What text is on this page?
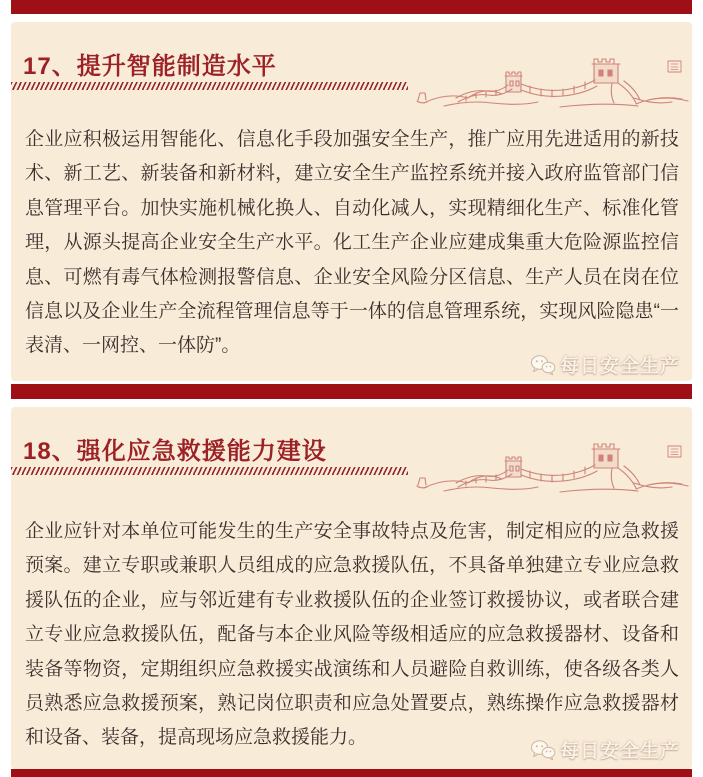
17、提升智能制造水平
企业应积极运用智能化、信息化手段加强安全生产，推广应用先进适用的新技术、新工艺、新装备和新材料，建立安全生产监控系统并接入政府监管部门信息管理平台。加快实施机械化换人、自动化减人，实现精细化生产、标准化管理，从源头提高企业安全生产水平。化工生产企业应建成集重大危险源监控信息、可燃有毒气体检测报警信息、企业安全风险分区信息、生产人员在岗在位信息以及企业生产全流程管理信息等于一体的信息管理系统，实现风险隐患“一表清、一网控、一体防”。
每日安全生产
18、强化应急救援能力建设
企业应针对本单位可能发生的生产安全事故特点及危害，制定相应的应急救援预案。建立专职或兼职人员组成的应急救援队伍，不具备单独建立专业应急救援队伍的企业，应与邻近建有专业救援队伍的企业签订救援协议，或者联合建立专业应急救援队伍，配备与本企业风险等级相适应的应急救援器材、设备和装备等物资，定期组织应急救援实战演练和人员避险自救训练，使各级各类人员熟悉应急救援预案，熟记岗位职责和应急处置要点，熟练操作应急救援器材和设备、装备，提高现场应急救援能力。
每日安全生产
